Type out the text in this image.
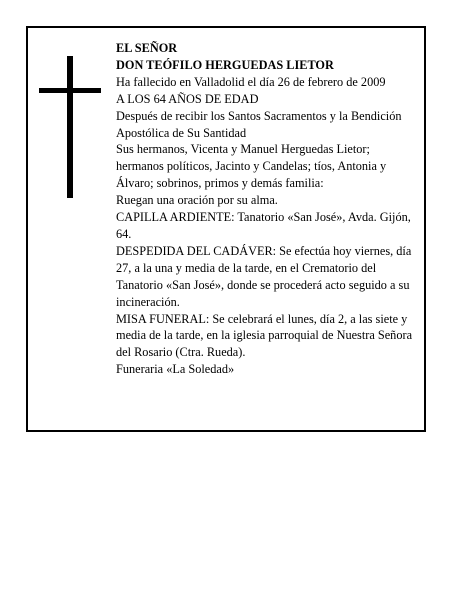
EL SEÑOR

DON TEÓFILO HERGUEDAS LIETOR

Ha fallecido en Valladolid el día 26 de febrero de 2009

A LOS 64 AÑOS DE EDAD

Después de recibir los Santos Sacramentos y la Bendición Apostólica de Su Santidad

Sus hermanos, Vicenta y Manuel Herguedas Lietor; hermanos políticos, Jacinto y Candelas; tíos, Antonia y Álvaro; sobrinos, primos y demás familia:

Ruegan una oración por su alma.

CAPILLA ARDIENTE: Tanatorio «San José», Avda. Gijón, 64.

DESPEDIDA DEL CADÁVER: Se efectúa hoy viernes, día 27, a la una y media de la tarde, en el Crematorio del Tanatorio «San José», donde se procederá acto seguido a su incineración.

MISA FUNERAL: Se celebrará el lunes, día 2, a las siete y media de la tarde, en la iglesia parroquial de Nuestra Señora del Rosario (Ctra. Rueda).

Funeraria «La Soledad»
